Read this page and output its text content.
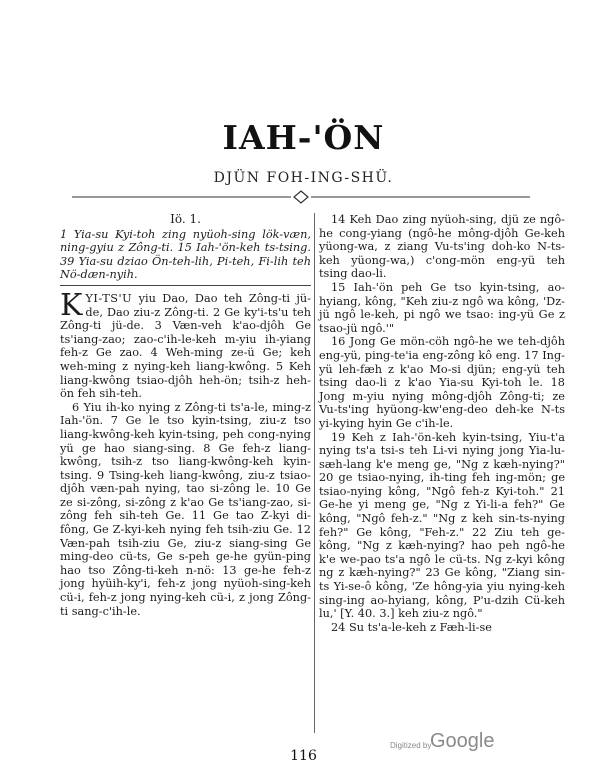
IAH-'ÖN
DJÜN FOH-ING-SHÜ.
Iö. 1.
1 Yia-su Kyi-toh zing nyüoh-sing lök-væn, ning-gyiu z Zông-ti. 15 Iah-'ön-keh ts-tsing. 39 Yia-su dziao Ön-teh-lih, Pi-teh, Fi-lih teh Nö-dæn-nyih.

KYI-TS'U yiu Dao, Dao teh Zông-ti jü-de, Dao ziu-z Zông-ti. 2 Ge ky'i-ts'u teh Zông-ti jü-de. 3 Væn-veh k'ao-djôh Ge ts'iang-zao; zao-c'ih-le-keh m-yiu ih-yiang feh-z Ge zao. 4 Weh-ming ze-ü Ge; keh weh-ming z nying-keh liang-kwông. 5 Keh liang-kwông tsiao-djôh heh-ön; tsih-z heh-ön feh sih-teh.

6 Yiu ih-ko nying z Zông-ti ts'a-le, ming-z Iah-'ön. 7 Ge le tso kyin-tsing, ziu-z tso liang-kwông-keh kyin-tsing, peh cong-nying yü ge hao siang-sing. 8 Ge feh-z liang-kwông, tsih-z tso liang-kwông-keh kyin-tsing. 9 Tsing-keh liang-kwông, ziu-z tsiao-djôh væn-pah nying, tao si-zông le. 10 Ge ze si-zông, si-zông z k'ao Ge ts'iang-zao, si-zông feh sih-teh Ge. 11 Ge tao Z-kyi di-fông, Ge Z-kyi-keh nying feh tsih-ziu Ge. 12 Væn-pah tsih-ziu Ge, ziu-z siang-sing Ge ming-deo cü-ts, Ge s-peh ge-he gyün-ping hao tso Zông-ti-keh n-nö: 13 ge-he feh-z jong hyüih-ky'i, feh-z jong nyüoh-sing-keh cü-i, feh-z jong nying-keh cü-i, z jong Zông-ti sang-c'ih-le.

14 Keh Dao zing nyüoh-sing, djü ze ngô-he cong-yiang (ngô-he mông-djôh Ge-keh yüong-wa, z ziang Vu-ts'ing doh-ko N-ts-keh yüong-wa,) c'ong-mön eng-yü teh tsing dao-li.

15 Iah-'ön peh Ge tso kyin-tsing, ao-hyiang, kông, "Keh ziu-z ngô wa kông, 'Dz-jü ngô le-keh, pi ngô we tsao: ing-yü Ge z tsao-jü ngô.'"

16 Jong Ge mön-cöh ngô-he we teh-djôh eng-yü, ping-te'ia eng-zông kô eng. 17 Ing-yü leh-fæh z k'ao Mo-si djün; eng-yü teh tsing dao-li z k'ao Yia-su Kyi-toh le. 18 Jong m-yiu nying mông-djôh Zông-ti; ze Vu-ts'ing hyüong-kw'eng-deo deh-ke N-ts yi-kying hyin Ge c'ih-le.

19 Keh z Iah-'ön-keh kyin-tsing, Yiu-t'a nying ts'a tsi-s teh Li-vi nying jong Yia-lu-sæh-lang k'e meng ge, "Ng z kæh-nying?" 20 ge tsiao-nying, ih-ting feh ing-mön; ge tsiao-nying kông, "Ngô feh-z Kyi-toh." 21 Ge-he yi meng ge, "Ng z Yi-li-a feh?" Ge kông, "Ngô feh-z." "Ng z keh sin-ts-nying feh?" Ge kông, "Feh-z." 22 Ziu teh ge-kông, "Ng z kæh-nying? hao peh ngô-he k'e we-pao ts'a ngô le cü-ts. Ng z-kyi kông ng z kæh-nying?" 23 Ge kông, "Ziang sin-ts Yi-se-ô kông, 'Ze hông-yia yiu nying-keh sing-ing ao-hyiang, kông, P'u-dzih Cü-keh lu,' [Y. 40. 3.] keh ziu-z ngô."

24 Su ts'a-le-keh z Fæh-li-se

116
Digitized by
Google
